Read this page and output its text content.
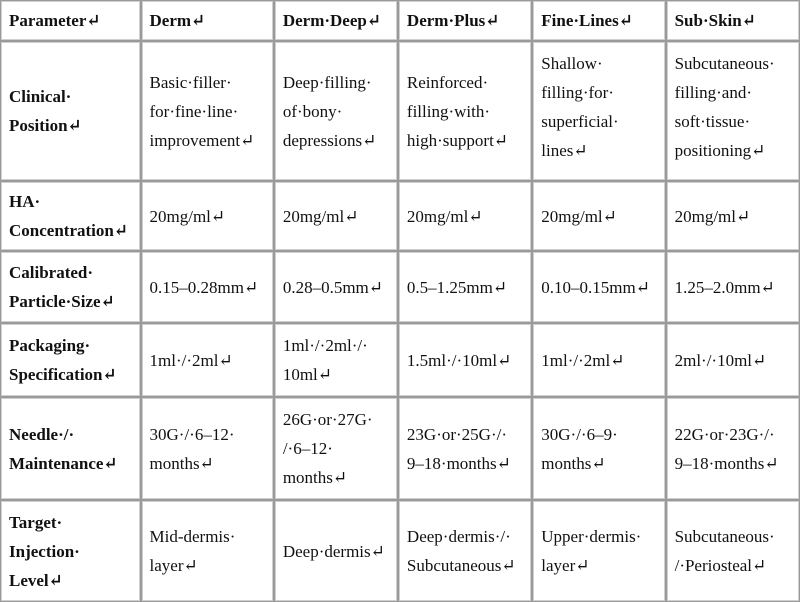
Parameter↵	Derm↵	Derm·Deep↵	Derm·Plus↵	Fine·Lines↵	Sub·Skin↵
Clinical·
Position↵	Basic·filler·
for·fine·line·
improvement↵	Deep·filling·
of·bony·
depressions↵	Reinforced·
filling·with·
high·support↵	Shallow·
filling·for·
superficial·
lines↵	Subcutaneous·
filling·and·
soft·tissue·
positioning↵
HA·
Concentration↵	20mg/ml↵	20mg/ml↵	20mg/ml↵	20mg/ml↵	20mg/ml↵
Calibrated·
Particle·Size↵	0.15–0.28mm↵	0.28–0.5mm↵	0.5–1.25mm↵	0.10–0.15mm↵	1.25–2.0mm↵
Packaging·
Specification↵	1ml·/·2ml↵	1ml·/·2ml·/·
10ml↵	1.5ml·/·10ml↵	1ml·/·2ml↵	2ml·/·10ml↵
Needle·/·
Maintenance↵	30G·/·6–12·
months↵	26G·or·27G·
/·6–12·
months↵	23G·or·25G·/·
9–18·months↵	30G·/·6–9·
months↵	22G·or·23G·/·
9–18·months↵
Target·
Injection·
Level↵	Mid-dermis·
layer↵	Deep·dermis↵	Deep·dermis·/·
Subcutaneous↵	Upper·dermis·
layer↵	Subcutaneous·
/·Periosteal↵
